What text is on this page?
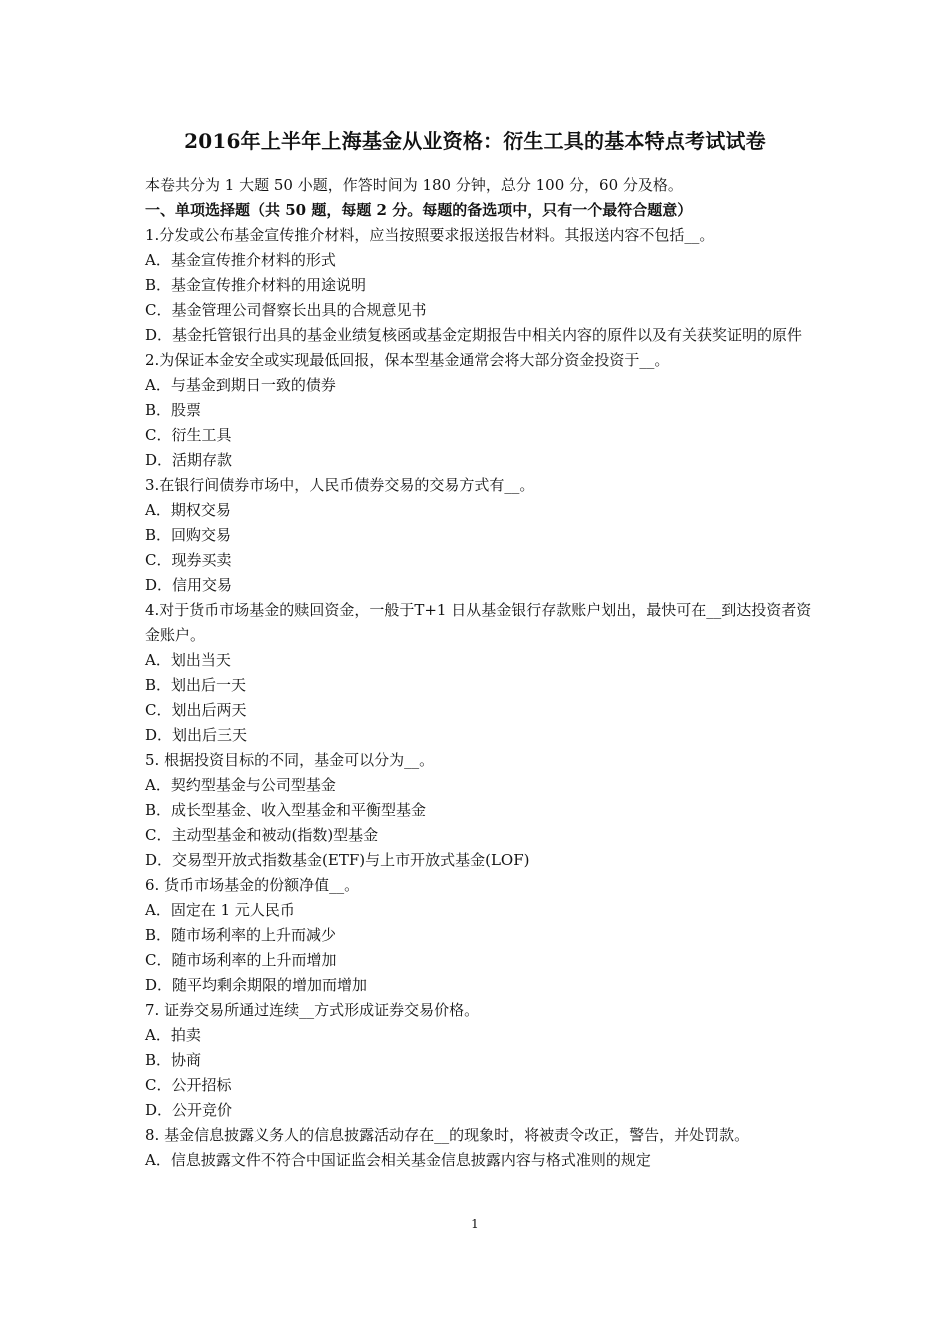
2016年上半年上海基金从业资格：衍生工具的基本特点考试试卷
本卷共分为 1 大题 50 小题，作答时间为 180 分钟，总分 100 分，60 分及格。
一、单项选择题（共 50 题，每题 2 分。每题的备选项中，只有一个最符合题意）
1.分发或公布基金宣传推介材料，应当按照要求报送报告材料。其报送内容不包括__。
A．基金宣传推介材料的形式
B．基金宣传推介材料的用途说明
C．基金管理公司督察长出具的合规意见书
D．基金托管银行出具的基金业绩复核函或基金定期报告中相关内容的原件以及有关获奖证明的原件
2.为保证本金安全或实现最低回报，保本型基金通常会将大部分资金投资于__。
A．与基金到期日一致的债券
B．股票
C．衍生工具
D．活期存款
3.在银行间债券市场中，人民币债券交易的交易方式有__。
A．期权交易
B．回购交易
C．现券买卖
D．信用交易
4.对于货币市场基金的赎回资金，一般于T+1 日从基金银行存款账户划出，最快可在__到达投资者资金账户。
A．划出当天
B．划出后一天
C．划出后两天
D．划出后三天
5. 根据投资目标的不同，基金可以分为__。
A．契约型基金与公司型基金
B．成长型基金、收入型基金和平衡型基金
C．主动型基金和被动(指数)型基金
D．交易型开放式指数基金(ETF)与上市开放式基金(LOF)
6. 货币市场基金的份额净值__。
A．固定在 1 元人民币
B．随市场利率的上升而减少
C．随市场利率的上升而增加
D．随平均剩余期限的增加而增加
7. 证券交易所通过连续__方式形成证券交易价格。
A．拍卖
B．协商
C．公开招标
D．公开竞价
8. 基金信息披露义务人的信息披露活动存在__的现象时，将被责令改正，警告，并处罚款。
A．信息披露文件不符合中国证监会相关基金信息披露内容与格式准则的规定
1
